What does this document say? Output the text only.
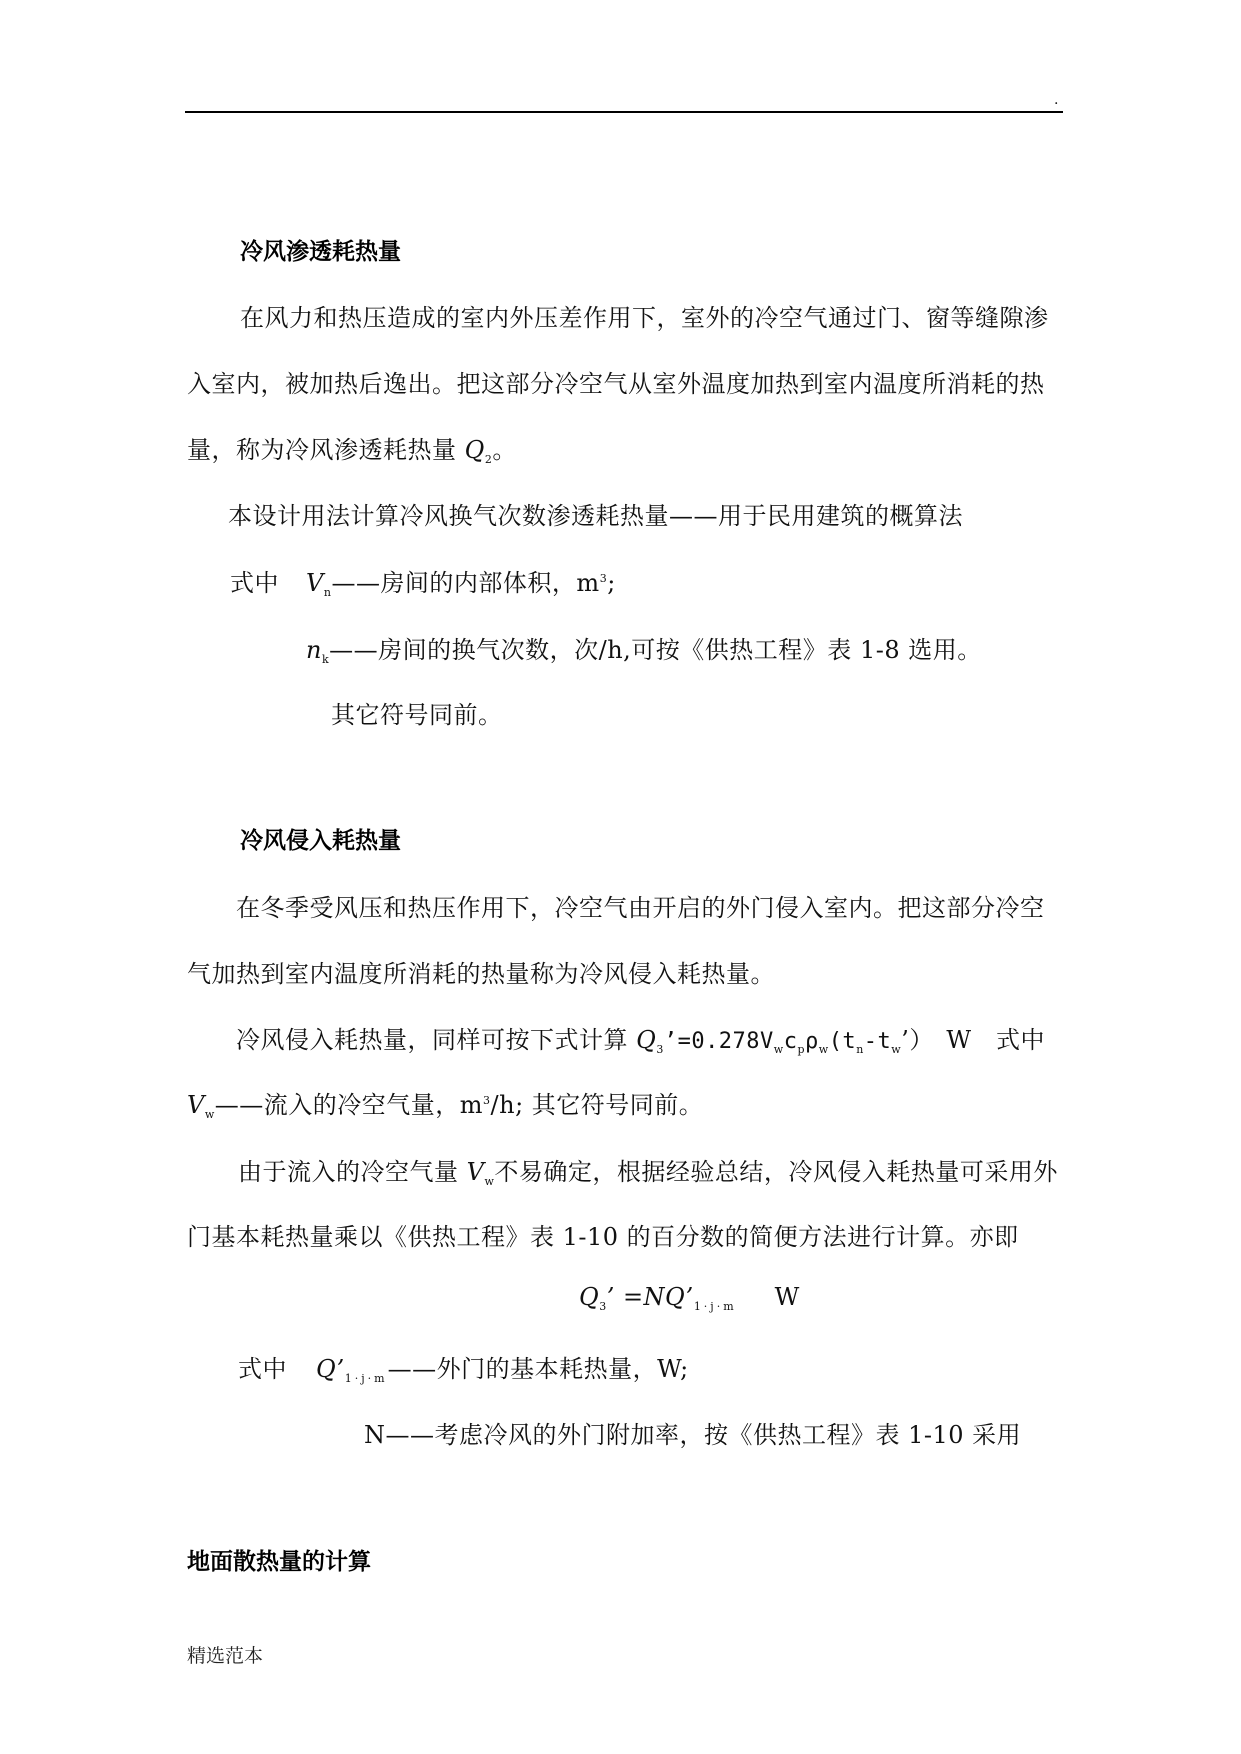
.
冷风渗透耗热量
在风力和热压造成的室内外压差作用下，室外的冷空气通过门、窗等缝隙渗
入室内，被加热后逸出。把这部分冷空气从室外温度加热到室内温度所消耗的热
量，称为冷风渗透耗热量 $Q_2$。
本设计用法计算冷风换气次数渗透耗热量——用于民用建筑的概算法
式中 $V_n——$房间的内部体积，$m^3$;
$n_k——$房间的换气次数，次/h,可按《供热工程》表 1-8 选用。
其它符号同前。
冷风侵入耗热量
在冬季受风压和热压作用下，冷空气由开启的外门侵入室内。把这部分冷空
气加热到室内温度所消耗的热量称为冷风侵入耗热量。
冷风侵入耗热量，同样可按下式计算 $Q_3’=0.278V_wc_p\rho_w(t_n-t_w’)$　W　式中
$V_w——$流入的冷空气量，$m^3/h$; 其它符号同前。
由于流入的冷空气量 $V_w$不易确定，根据经验总结，冷风侵入耗热量可采用外
门基本耗热量乘以《供热工程》表 1-10 的百分数的简便方法进行计算。亦即
$Q_3$’ $=NQ’_{1\cdot j\cdot m}$ W
式中 $Q’_{1\cdot j\cdot m}——$外门的基本耗热量，W;
N——考虑冷风的外门附加率，按《供热工程》表 1-10 采用
地面散热量的计算
精选范本
